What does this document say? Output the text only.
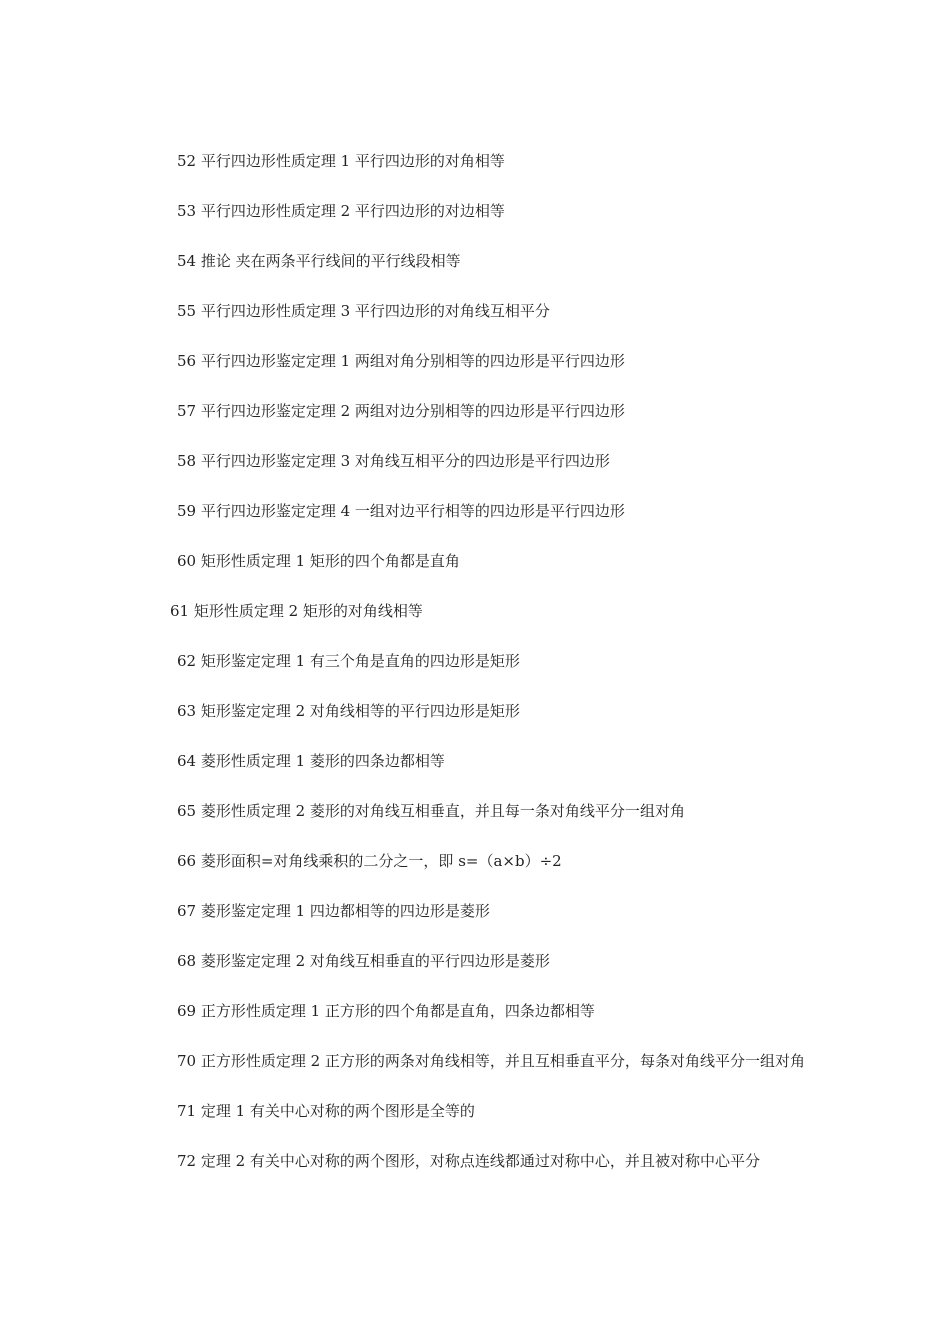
52 平行四边形性质定理 1 平行四边形的对角相等

53 平行四边形性质定理 2 平行四边形的对边相等

54 推论 夹在两条平行线间的平行线段相等

55 平行四边形性质定理 3 平行四边形的对角线互相平分

56 平行四边形鉴定定理 1 两组对角分别相等的四边形是平行四边形

57 平行四边形鉴定定理 2 两组对边分别相等的四边形是平行四边形

58 平行四边形鉴定定理 3 对角线互相平分的四边形是平行四边形

59 平行四边形鉴定定理 4 一组对边平行相等的四边形是平行四边形

60 矩形性质定理 1 矩形的四个角都是直角

61 矩形性质定理 2 矩形的对角线相等

62 矩形鉴定定理 1 有三个角是直角的四边形是矩形

63 矩形鉴定定理 2 对角线相等的平行四边形是矩形

64 菱形性质定理 1 菱形的四条边都相等

65 菱形性质定理 2 菱形的对角线互相垂直，并且每一条对角线平分一组对角

66 菱形面积=对角线乘积的二分之一，即 s=（a×b）÷2

67 菱形鉴定定理 1 四边都相等的四边形是菱形

68 菱形鉴定定理 2 对角线互相垂直的平行四边形是菱形

69 正方形性质定理 1 正方形的四个角都是直角，四条边都相等

70 正方形性质定理 2 正方形的两条对角线相等，并且互相垂直平分，每条对角线平分一组对角

71 定理 1 有关中心对称的两个图形是全等的

72 定理 2 有关中心对称的两个图形，对称点连线都通过对称中心，并且被对称中心平分
